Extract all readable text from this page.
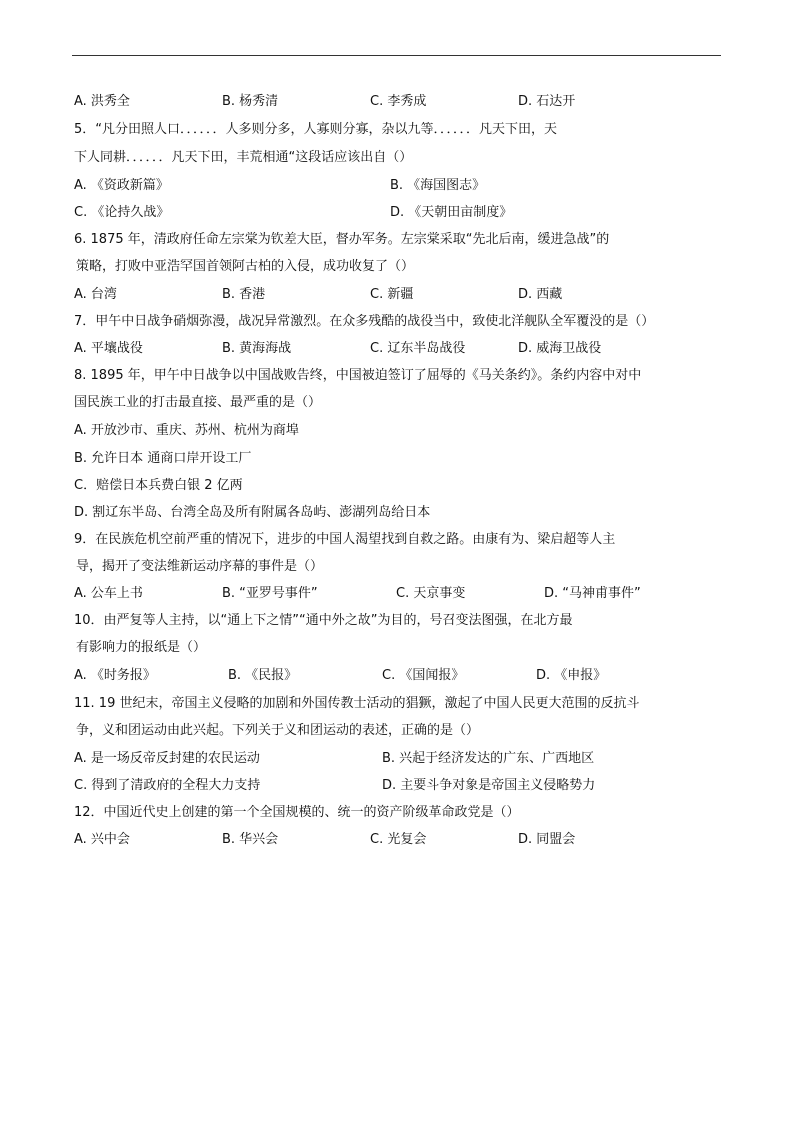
A. 洪秀全	B. 杨秀清	C. 李秀成	D. 石达开
5．“凡分田照人口．．．．．．人多则分多，人寡则分寡，杂以九等．．．．．．凡天下田，天
下人同耕．．．．．．凡天下田，丰荒相通“这段话应该出自（）
A. 《资政新篇》	B. 《海国图志》
C. 《论持久战》	D. 《天朝田亩制度》
6. 1875 年，清政府任命左宗棠为钦差大臣，督办军务。左宗棠采取“先北后南，缓进急战”的
策略，打败中亚浩罕国首领阿古柏的入侵，成功收复了（）
A. 台湾	B. 香港	C. 新疆	D. 西藏
7．甲午中日战争硝烟弥漫，战况异常激烈。在众多残酷的战役当中，致使北洋舰队全军覆没的是（）
A. 平壤战役	B. 黄海海战	C. 辽东半岛战役	D. 威海卫战役
8. 1895 年，甲午中日战争以中国战败告终，中国被迫签订了屈辱的《马关条约》。条约内容中对中
国民族工业的打击最直接、最严重的是（）
A. 开放沙市、重庆、苏州、杭州为商埠
B. 允许日本 通商口岸开设工厂
C．赔偿日本兵费白银 2 亿两
D. 割辽东半岛、台湾全岛及所有附属各岛屿、澎湖列岛给日本
9．在民族危机空前严重的情况下，进步的中国人渴望找到自救之路。由康有为、梁启超等人主
导，揭开了变法维新运动序幕的事件是（）
A. 公车上书	B. “亚罗号事件”	C. 天京事变	D. “马神甫事件”
10．由严复等人主持，以“通上下之情”“通中外之故”为目的，号召变法图强，在北方最
有影响力的报纸是（）
A. 《时务报》	B. 《民报》	C. 《国闻报》	D. 《申报》
11. 19 世纪末，帝国主义侵略的加剧和外国传教士活动的猖獗，激起了中国人民更大范围的反抗斗
争，义和团运动由此兴起。下列关于义和团运动的表述，正确的是（）
A. 是一场反帝反封建的农民运动	B. 兴起于经济发达的广东、广西地区
C. 得到了清政府的全程大力支持	D. 主要斗争对象是帝国主义侵略势力
12．中国近代史上创建的第一个全国规模的、统一的资产阶级革命政党是（）
A. 兴中会	B. 华兴会	C. 光复会	D. 同盟会
